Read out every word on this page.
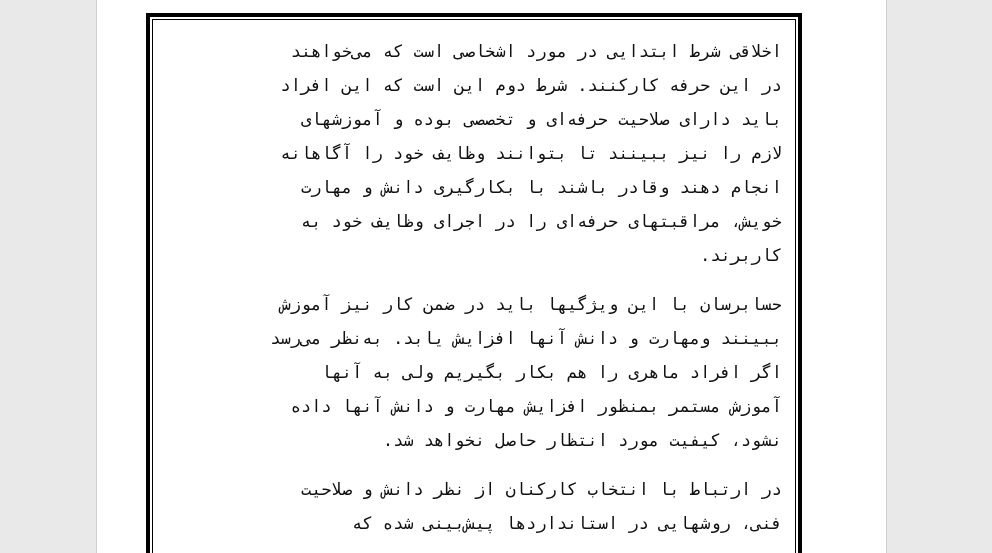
اخلاقی شرط ابتدایی در مورد اشخاصی است که می‌خواهند
در این حرفه کارکنند. شرط دوم این است که این افراد
باید دارای صلاحیت حرفه‌ای و تخصصی بوده و آموزشهای
لازم را نیز ببینند تا بتوانند وظایف خود را آگاهانه
انجام دهند وقادر باشند با بکارگیری دانش و مهارت
خویش، مراقبتهای حرفه‌ای را در اجرای وظایف خود به
کاربرند.

حسابرسان با این ویژگیها باید در ضمن کار نیز آموزش
ببینند ومهارت و دانش آنها افزایش یابد. به‌نظر می‌رسد
اگر افراد ماهری را هم بکار بگیریم ولی به آنها
آموزش مستمر بمنظور افزایش مهارت و دانش آنها داده
نشود، کیفیت مورد انتظار حاصل نخواهد شد.

در ارتباط با انتخاب کارکنان از نظر دانش و صلاحیت
فنی، روشهایی در استانداردها پیش‌بینی شده که
